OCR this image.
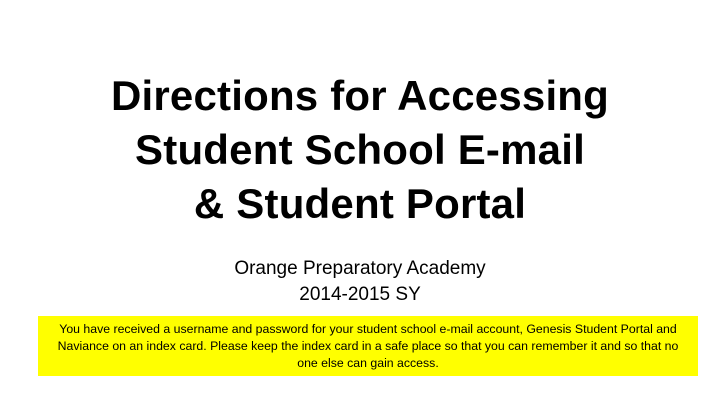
Directions for Accessing
Student School E-mail
& Student Portal
Orange Preparatory Academy
2014-2015 SY
You have received a username and password for your student school e-mail account, Genesis Student Portal and Naviance on an index card. Please keep the index card in a safe place so that you can remember it and so that no one else can gain access.
